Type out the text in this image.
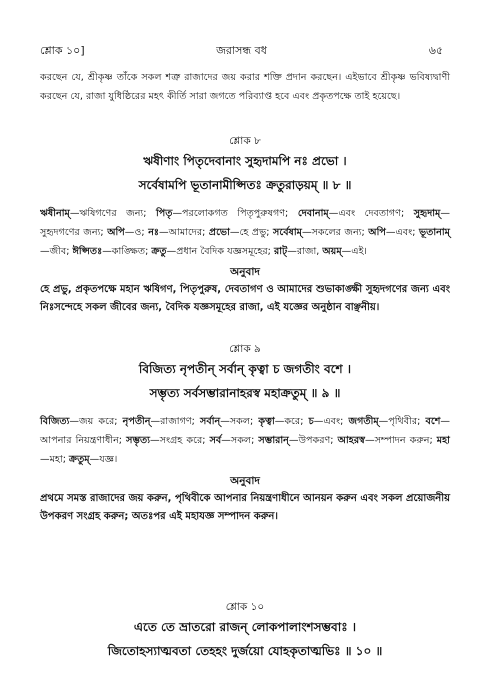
শ্লোক ১০]	জরাসন্ধ বধ	৬৫
করছেন যে, শ্রীকৃষ্ণ তাঁকে সকল শত্রু রাজাদের জয় করার শক্তি প্রদান করছেন। এইভাবে শ্রীকৃষ্ণ ভবিষ্যদ্বাণী করছেন যে, রাজা যুধিষ্ঠিরের মহৎ কীর্তি সারা জগতে পরিব্যাপ্ত হবে এবং প্রকৃতপক্ষে তাই হয়েছে।
শ্লোক ৮
ঋষীণাং পিতৃদেবানাং সুহৃদামপি নঃ প্রভো ।
সর্বেষামপি ভূতানামীপ্সিতঃ ক্রতুরাড়য়ম্ ॥ ৮ ॥
ঋষীনাম্—ঋষিগণের জন্য; পিতৃ—পরলোকগত পিতৃপুরুষগণ; দেবানাম্—এবং দেবতাগণ; সুহৃদাম্—সুহৃদগণের জন্য; অপি—ও; নঃ—আমাদের; প্রভো—হে প্রভু; সর্বেষাম্—সকলের জন্য; অপি—এবং; ভূতানাম্—জীব; ঈপ্সিতঃ—কাঙ্ক্ষিত; ক্রতু—প্রধান বৈদিক যজ্ঞসমূহের; রাট্—রাজা, অয়ম্—এই।
অনুবাদ
হে প্রভু, প্রকৃতপক্ষে মহান ঋষিগণ, পিতৃপুরুষ, দেবতাগণ ও আমাদের শুভাকাঙ্ক্ষী সুহৃদগণের জন্য এবং নিঃসন্দেহে সকল জীবের জন্য, বৈদিক যজ্ঞসমূহের রাজা, এই যজ্ঞের অনুষ্ঠান বাঞ্ছনীয়।
শ্লোক ৯
বিজিত্য নৃপতীন্ সর্বান্ কৃত্বা চ জগতীং বশে ।
সম্ভৃত্য সর্বসম্ভারানাহরস্ব মহাক্রতুম্ ॥ ৯ ॥
বিজিত্য—জয় করে; নৃপতীন্—রাজাগণ; সর্বান্—সকল; কৃত্বা—করে; চ—এবং; জগতীম্—পৃথিবীর; বশে—আপনার নিয়ন্ত্রণাধীন; সম্ভৃত্য—সংগ্রহ করে; সর্ব—সকল; সম্ভারান্—উপকরণ; আহরস্ব—সম্পাদন করুন; মহা—মহা; ক্রতুম্—যজ্ঞ।
অনুবাদ
প্রথমে সমস্ত রাজাদের জয় করুন, পৃথিবীকে আপনার নিয়ন্ত্রণাধীনে আনয়ন করুন এবং সকল প্রয়োজনীয় উপকরণ সংগ্রহ করুন; অতঃপর এই মহাযজ্ঞ সম্পাদন করুন।
শ্লোক ১০
এতে তে ভ্রাতরো রাজন্ লোকপালাংশসম্ভবাঃ ।
জিতোহস্যাত্মবতা তেহহং দুর্জয়ো যোহকৃতাত্মভিঃ ॥ ১০ ॥
